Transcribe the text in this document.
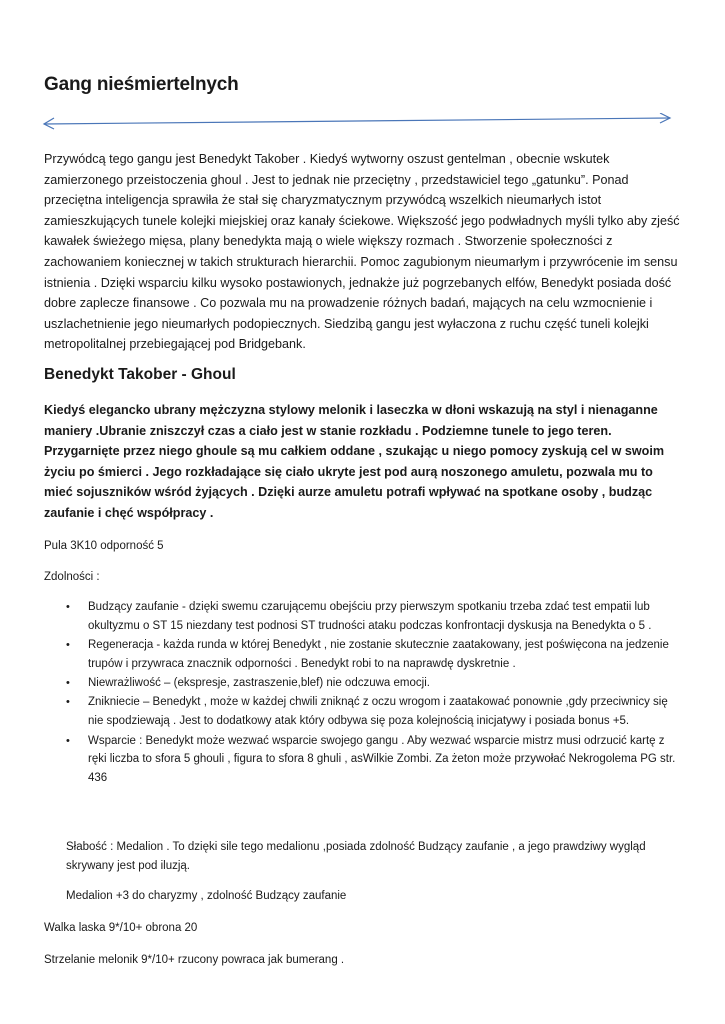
Gang nieśmiertelnych

Przywódcą tego gangu jest Benedykt Takober . Kiedyś wytworny oszust gentelman , obecnie wskutek zamierzonego przeistoczenia ghoul . Jest to jednak nie przeciętny , przedstawiciel tego „gatunku”. Ponad przeciętna inteligencja sprawiła że stał się charyzmatycznym przywódcą wszelkich nieumarłych istot zamieszkujących tunele kolejki miejskiej oraz kanały ściekowe. Większość jego podwładnych myśli tylko aby zjeść kawałek świeżego mięsa, plany benedykta mają o wiele większy rozmach . Stworzenie społeczności z zachowaniem koniecznej w takich strukturach hierarchii. Pomoc zagubionym nieumarłym i przywrócenie im sensu istnienia . Dzięki wsparciu kilku wysoko postawionych, jednakże już pogrzebanych elfów, Benedykt posiada dość dobre zaplecze finansowe . Co pozwala mu na prowadzenie różnych badań, mających na celu wzmocnienie i uszlachetnienie jego nieumarłych podopiecznych. Siedzibą gangu jest wyłaczona z ruchu część tuneli kolejki metropolitalnej przebiegającej pod Bridgebank.

Benedykt Takober - Ghoul

Kiedyś elegancko ubrany mężczyzna stylowy melonik i laseczka w dłoni wskazują na styl i nienaganne maniery .Ubranie zniszczył czas a ciało jest w stanie rozkładu . Podziemne tunele to jego teren. Przygarnięte przez niego ghoule są mu całkiem oddane , szukając u niego pomocy zyskują cel w swoim życiu po śmierci . Jego rozkładające się ciało ukryte jest pod aurą noszonego amuletu, pozwala mu to mieć sojuszników wśród żyjących . Dzięki aurze amuletu potrafi wpływać na spotkane osoby , budząc zaufanie i chęć współpracy .

Pula 3K10 odporność 5

Zdolności :

• Budzący zaufanie - dzięki swemu czarującemu obejściu przy pierwszym spotkaniu trzeba zdać test empatii lub okultyzmu o ST 15 niezdany test podnosi ST trudności ataku podczas konfrontacji dyskusja na Benedykta o 5 .
• Regeneracja - każda runda w której Benedykt , nie zostanie skutecznie zaatakowany, jest poświęcona na jedzenie trupów i przywraca znacznik odporności . Benedykt robi to na naprawdę dyskretnie .
• Niewrażliwość – (ekspresje, zastraszenie,blef) nie odczuwa emocji.
• Znikniecie – Benedykt , może w każdej chwili zniknąć z oczu wrogom i zaatakować ponownie ,gdy przeciwnicy się nie spodziewają . Jest to dodatkowy atak który odbywa się poza kolejnością inicjatywy i posiada bonus +5.
• Wsparcie : Benedykt może wezwać wsparcie swojego gangu . Aby wezwać wsparcie mistrz musi odrzucić kartę z ręki liczba to sfora 5 ghouli , figura to sfora 8 ghuli , asWilkie Zombi. Za żeton może przywołać Nekrogolema PG str. 436

Słabość : Medalion . To dzięki sile tego medalionu ,posiada zdolność Budzący zaufanie , a jego prawdziwy wygląd skrywany jest pod iluzją.

Medalion +3 do charyzmy , zdolność Budzący zaufanie

Walka laska 9*/10+ obrona 20

Strzelanie melonik 9*/10+ rzucony powraca jak bumerang .
